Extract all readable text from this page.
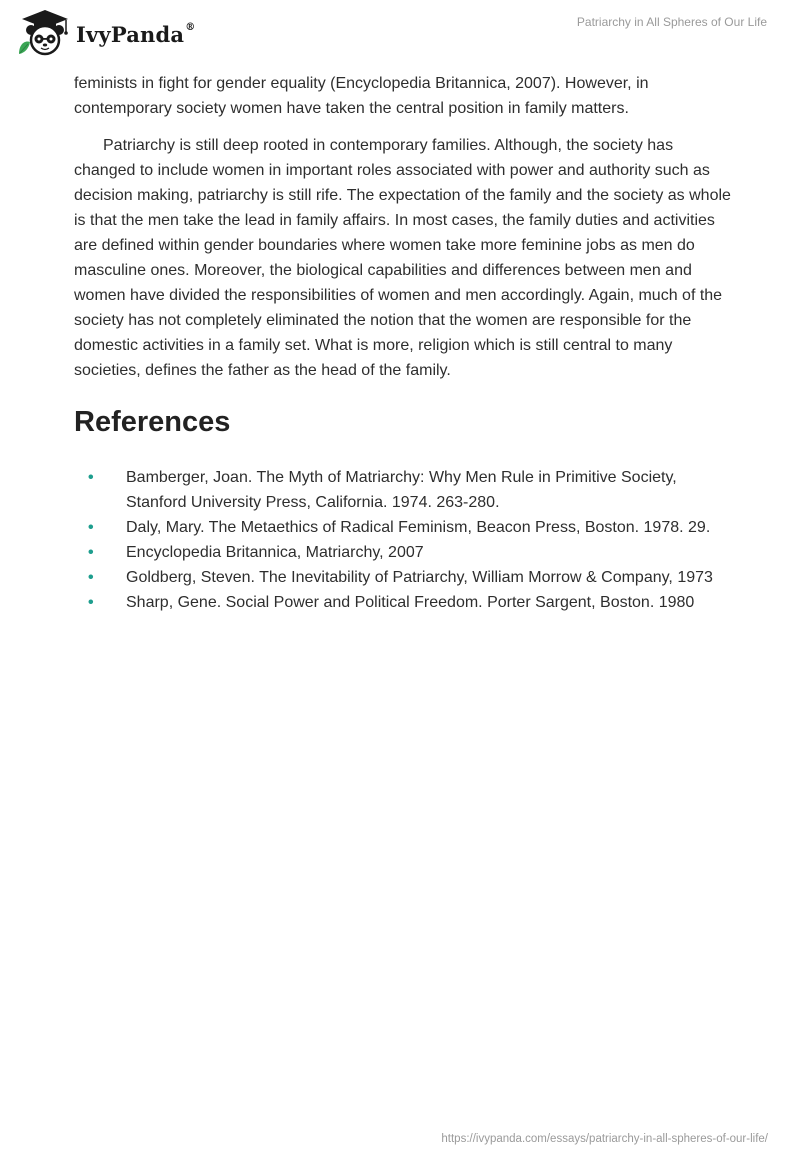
IvyPanda®	Patriarchy in All Spheres of Our Life

feminists in fight for gender equality (Encyclopedia Britannica, 2007). However, in contemporary society women have taken the central position in family matters.

Patriarchy is still deep rooted in contemporary families. Although, the society has changed to include women in important roles associated with power and authority such as decision making, patriarchy is still rife. The expectation of the family and the society as whole is that the men take the lead in family affairs. In most cases, the family duties and activities are defined within gender boundaries where women take more feminine jobs as men do masculine ones. Moreover, the biological capabilities and differences between men and women have divided the responsibilities of women and men accordingly. Again, much of the society has not completely eliminated the notion that the women are responsible for the domestic activities in a family set. What is more, religion which is still central to many societies, defines the father as the head of the family.

References
• Bamberger, Joan. The Myth of Matriarchy: Why Men Rule in Primitive Society, Stanford University Press, California. 1974. 263-280.
• Daly, Mary. The Metaethics of Radical Feminism, Beacon Press, Boston. 1978. 29.
• Encyclopedia Britannica, Matriarchy, 2007
• Goldberg, Steven. The Inevitability of Patriarchy, William Morrow & Company, 1973
• Sharp, Gene. Social Power and Political Freedom. Porter Sargent, Boston. 1980
https://ivypanda.com/essays/patriarchy-in-all-spheres-of-our-life/
